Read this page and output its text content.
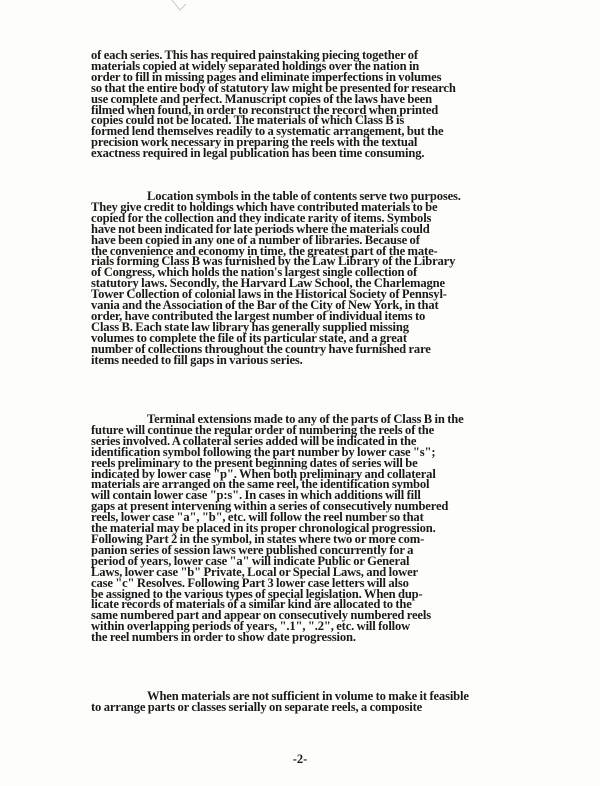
of each series. This has required painstaking piecing together of
materials copied at widely separated holdings over the nation in
order to fill in missing pages and eliminate imperfections in volumes
so that the entire body of statutory law might be presented for research
use complete and perfect. Manuscript copies of the laws have been
filmed when found, in order to reconstruct the record when printed
copies could not be located. The materials of which Class B is
formed lend themselves readily to a systematic arrangement, but the
precision work necessary in preparing the reels with the textual
exactness required in legal publication has been time consuming.

Location symbols in the table of contents serve two purposes.
They give credit to holdings which have contributed materials to be
copied for the collection and they indicate rarity of items. Symbols
have not been indicated for late periods where the materials could
have been copied in any one of a number of libraries. Because of
the convenience and economy in time, the greatest part of the mate-
rials forming Class B was furnished by the Law Library of the Library
of Congress, which holds the nation's largest single collection of
statutory laws. Secondly, the Harvard Law School, the Charlemagne
Tower Collection of colonial laws in the Historical Society of Pennsyl-
vania and the Association of the Bar of the City of New York, in that
order, have contributed the largest number of individual items to
Class B. Each state law library has generally supplied missing
volumes to complete the file of its particular state, and a great
number of collections throughout the country have furnished rare
items needed to fill gaps in various series.

Terminal extensions made to any of the parts of Class B in the
future will continue the regular order of numbering the reels of the
series involved. A collateral series added will be indicated in the
identification symbol following the part number by lower case "s";
reels preliminary to the present beginning dates of series will be
indicated by lower case "p". When both preliminary and collateral
materials are arranged on the same reel, the identification symbol
will contain lower case "p:s". In cases in which additions will fill
gaps at present intervening within a series of consecutively numbered
reels, lower case "a", "b", etc. will follow the reel number so that
the material may be placed in its proper chronological progression.
Following Part 2 in the symbol, in states where two or more com-
panion series of session laws were published concurrently for a
period of years, lower case "a" will indicate Public or General
Laws, lower case "b" Private, Local or Special Laws, and lower
case "c" Resolves. Following Part 3 lower case letters will also
be assigned to the various types of special legislation. When dup-
licate records of materials of a similar kind are allocated to the
same numbered part and appear on consecutively numbered reels
within overlapping periods of years, ".1", ".2", etc. will follow
the reel numbers in order to show date progression.

When materials are not sufficient in volume to make it feasible
to arrange parts or classes serially on separate reels, a composite

-2-
